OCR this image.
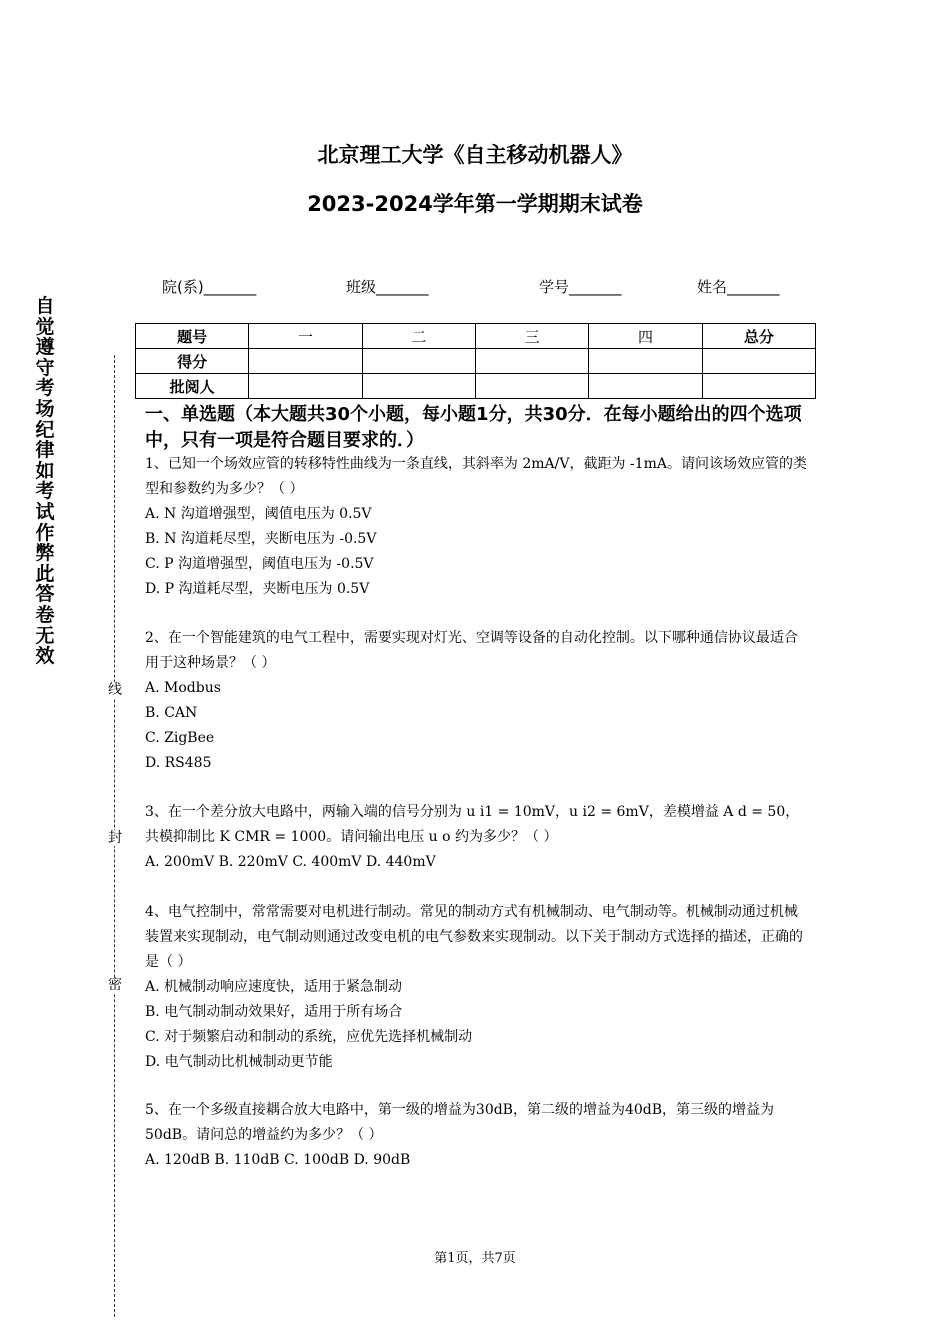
北京理工大学《自主移动机器人》
2023-2024学年第一学期期末试卷
院(系)_______	班级_______	学号_______	姓名_______
题号	一	二	三	四	总分
得分					
批阅人					
自觉遵守考场纪律如考试作弊此答卷无效
线
封
密
一、单选题（本大题共30个小题，每小题1分，共30分．在每小题给出的四个选项中，只有一项是符合题目要求的．）

1、已知一个场效应管的转移特性曲线为一条直线，其斜率为 2mA/V，截距为 -1mA。请问该场效应管的类型和参数约为多少？（ ）

A. N 沟道增强型，阈值电压为 0.5V

B. N 沟道耗尽型，夹断电压为 -0.5V

C. P 沟道增强型，阈值电压为 -0.5V

D. P 沟道耗尽型，夹断电压为 0.5V

2、在一个智能建筑的电气工程中，需要实现对灯光、空调等设备的自动化控制。以下哪种通信协议最适合用于这种场景？（ ）

A. Modbus

B. CAN

C. ZigBee

D. RS485

3、在一个差分放大电路中，两输入端的信号分别为 u i1 = 10mV，u i2 = 6mV，差模增益 A d = 50，共模抑制比 K CMR = 1000。请问输出电压 u o 约为多少？（ ）

A. 200mV B. 220mV C. 400mV D. 440mV

4、电气控制中，常常需要对电机进行制动。常见的制动方式有机械制动、电气制动等。机械制动通过机械装置来实现制动，电气制动则通过改变电机的电气参数来实现制动。以下关于制动方式选择的描述，正确的是（ ）

A. 机械制动响应速度快，适用于紧急制动

B. 电气制动制动效果好，适用于所有场合

C. 对于频繁启动和制动的系统，应优先选择机械制动

D. 电气制动比机械制动更节能

5、在一个多级直接耦合放大电路中，第一级的增益为30dB，第二级的增益为40dB，第三级的增益为50dB。请问总的增益约为多少？（ ）

A. 120dB B. 110dB C. 100dB D. 90dB

第1页，共7页
